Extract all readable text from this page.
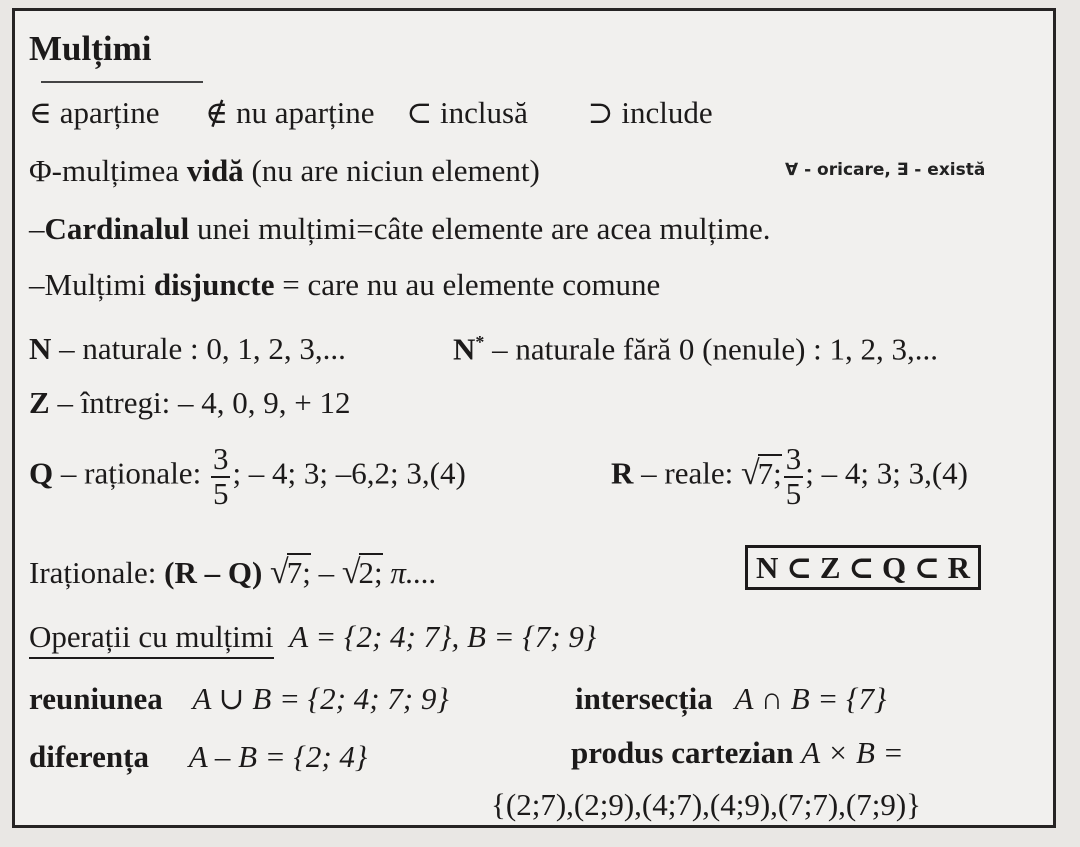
Mulțimi
∈ aparține ∉ nu aparține ⊂ inclusă ⊃ include
Φ-mulțimea vidă (nu are niciun element)	∀ - oricare, ∃ - există
–Cardinalul unei mulțimi=câte elemente are acea mulțime.
–Mulțimi disjuncte = care nu au elemente comune
N – naturale : 0, 1, 2, 3,...	N* – naturale fără 0 (nenule) : 1, 2, 3,...
Z – întregi: – 4, 0, 9, + 12
Q – raționale: $\frac{3}{5}$ ; – 4; 3; –6,2; 3,(4)	R – reale: √7; $\frac{3}{5}$ ; – 4; 3; 3,(4)
Iraționale: (R – Q) √7; – √2; π....	N ⊂ Z ⊂ Q ⊂ R
Operații cu mulțimi A = {2; 4; 7}, B = {7; 9}
reuniunea A ∪ B = {2; 4; 7; 9}	intersecția A ∩ B = {7}
diferența A – B = {2; 4}	produs cartezian A × B =
{(2;7),(2;9),(4;7),(4;9),(7;7),(7;9)}
